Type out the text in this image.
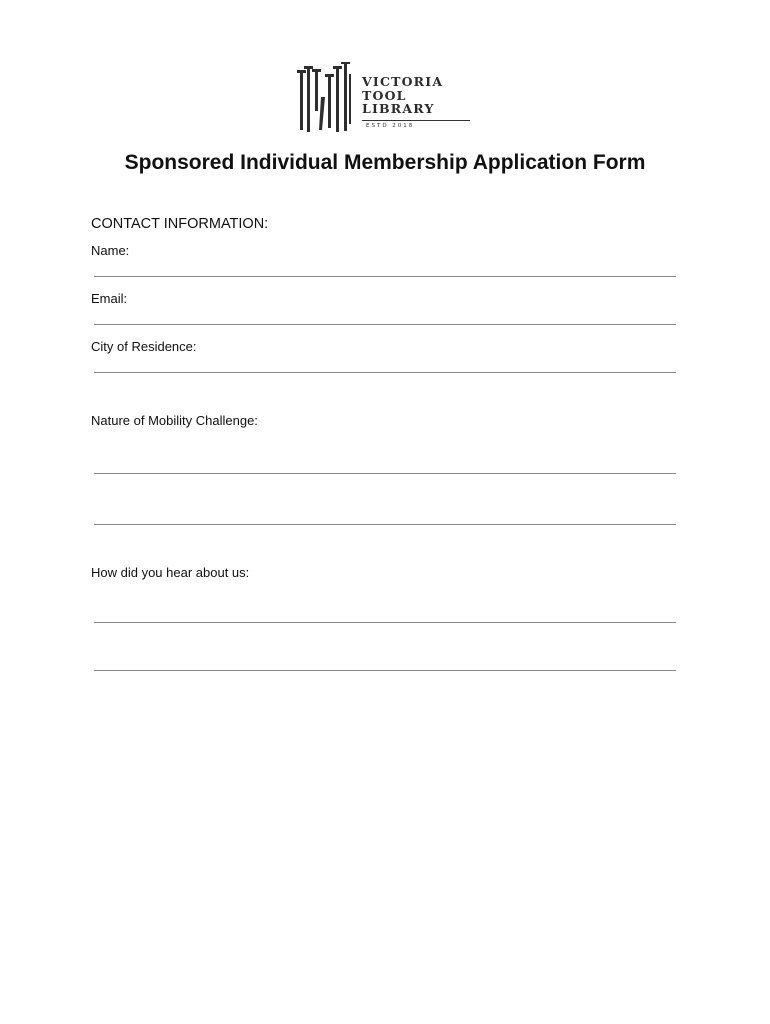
VICTORIA
TOOL
LIBRARY
ESTD 2018
Sponsored Individual Membership Application Form
CONTACT INFORMATION:
Name:
Email:
City of Residence:
Nature of Mobility Challenge:
How did you hear about us:
